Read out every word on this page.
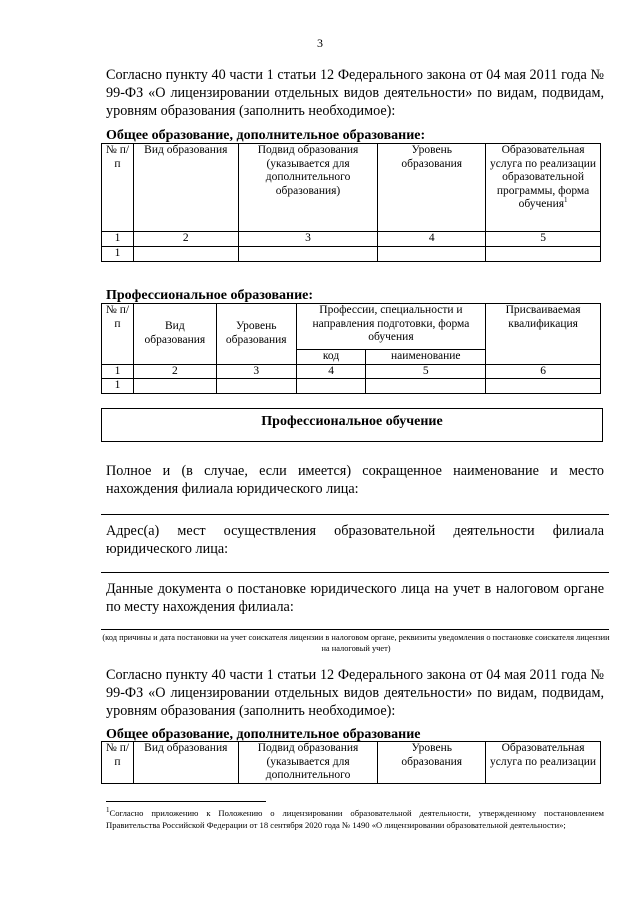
3
Согласно пункту 40 части 1 статьи 12 Федерального закона от 04 мая 2011 года № 99-ФЗ «О лицензировании отдельных видов деятельности» по видам, подвидам, уровням образования (заполнить необходимое):
Общее образование, дополнительное образование:
№ п/п	Вид образования	Подвид образования (указывается для дополнительного образования)	Уровень образования	Образовательная услуга по реализации образовательной программы, форма обучения$^1$
1	2	3	4	5
1				
Профессиональное образование:
№ п/п	Вид образования	Уровень образования	Профессии, специальности и направления подготовки, форма обучения		Присваиваемая квалификация
			код	наименование	
1	2	3	4	5	6
1					
Профессиональное обучение
Полное и (в случае, если имеется) сокращенное наименование и место нахождения филиала юридического лица:
Адрес(а) мест осуществления образовательной деятельности филиала юридического лица:
Данные документа о постановке юридического лица на учет в налоговом органе по месту нахождения филиала:
(код причины и дата постановки на учет соискателя лицензии в налоговом органе, реквизиты уведомления о постановке соискателя лицензии на налоговый учет)
Согласно пункту 40 части 1 статьи 12 Федерального закона от 04 мая 2011 года № 99-ФЗ «О лицензировании отдельных видов деятельности» по видам, подвидам, уровням образования (заполнить необходимое):
Общее образование, дополнительное образование
№ п/п	Вид образования	Подвид образования (указывается для дополнительного	Уровень образования	Образовательная услуга по реализации
$^1$Согласно приложению к Положению о лицензировании образовательной деятельности, утвержденному постановлением Правительства Российской Федерации от 18 сентября 2020 года № 1490 «О лицензировании образовательной деятельности»;
